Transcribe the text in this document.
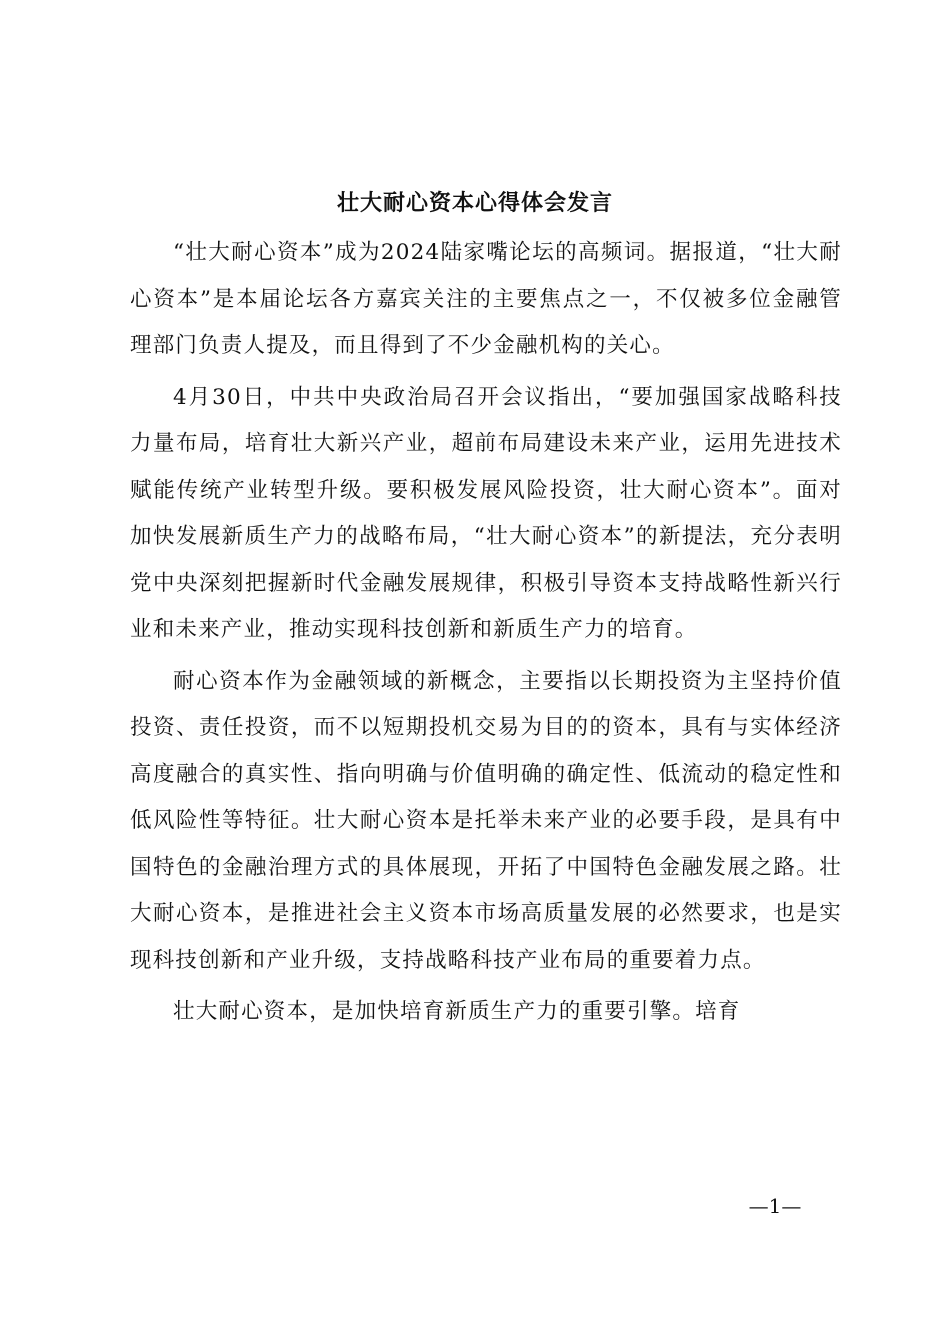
壮大耐心资本心得体会发言

“壮大耐心资本”成为2024陆家嘴论坛的高频词。据报道，“壮大耐心资本”是本届论坛各方嘉宾关注的主要焦点之一，不仅被多位金融管理部门负责人提及，而且得到了不少金融机构的关心。

4月30日，中共中央政治局召开会议指出，“要加强国家战略科技力量布局，培育壮大新兴产业，超前布局建设未来产业，运用先进技术赋能传统产业转型升级。要积极发展风险投资，壮大耐心资本”。面对加快发展新质生产力的战略布局，“壮大耐心资本”的新提法，充分表明党中央深刻把握新时代金融发展规律，积极引导资本支持战略性新兴行业和未来产业，推动实现科技创新和新质生产力的培育。

耐心资本作为金融领域的新概念，主要指以长期投资为主坚持价值投资、责任投资，而不以短期投机交易为目的的资本，具有与实体经济高度融合的真实性、指向明确与价值明确的确定性、低流动的稳定性和低风险性等特征。壮大耐心资本是托举未来产业的必要手段，是具有中国特色的金融治理方式的具体展现，开拓了中国特色金融发展之路。壮大耐心资本，是推进社会主义资本市场高质量发展的必然要求，也是实现科技创新和产业升级，支持战略科技产业布局的重要着力点。

壮大耐心资本，是加快培育新质生产力的重要引擎。培育

—1—
